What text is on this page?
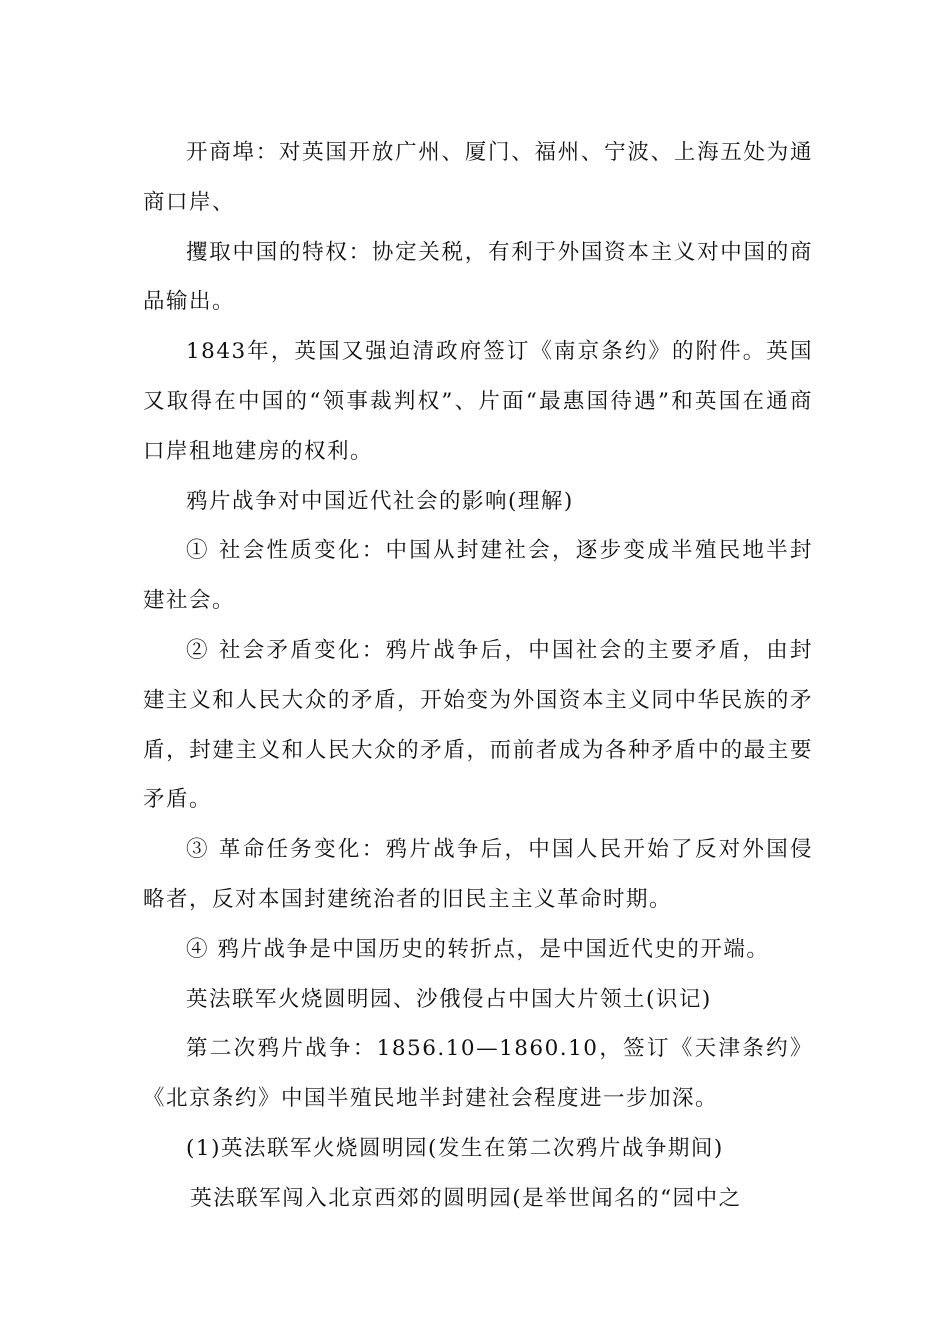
开商埠：对英国开放广州、厦门、福州、宁波、上海五处为通商口岸、

攫取中国的特权：协定关税，有利于外国资本主义对中国的商品输出。

1843年，英国又强迫清政府签订《南京条约》的附件。英国又取得在中国的“领事裁判权”、片面“最惠国待遇”和英国在通商口岸租地建房的权利。

鸦片战争对中国近代社会的影响(理解)

① 社会性质变化：中国从封建社会，逐步变成半殖民地半封建社会。

② 社会矛盾变化：鸦片战争后，中国社会的主要矛盾，由封建主义和人民大众的矛盾，开始变为外国资本主义同中华民族的矛盾，封建主义和人民大众的矛盾，而前者成为各种矛盾中的最主要矛盾。

③ 革命任务变化：鸦片战争后，中国人民开始了反对外国侵略者，反对本国封建统治者的旧民主主义革命时期。

④ 鸦片战争是中国历史的转折点，是中国近代史的开端。

英法联军火烧圆明园、沙俄侵占中国大片领土(识记)

第二次鸦片战争：1856.10—1860.10，签订《天津条约》《北京条约》中国半殖民地半封建社会程度进一步加深。

(1)英法联军火烧圆明园(发生在第二次鸦片战争期间)

英法联军闯入北京西郊的圆明园(是举世闻名的“园中之
